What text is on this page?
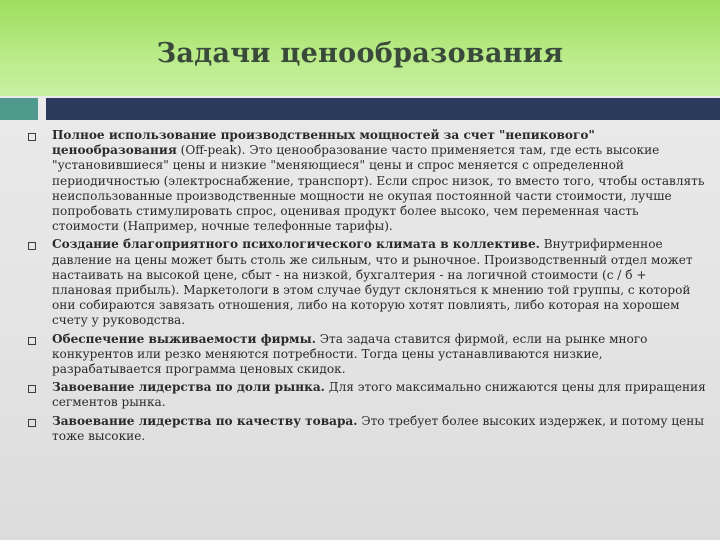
Задачи ценообразования
Полное использование производственных мощностей за счет "непикового" ценообразования (Off-peak). Это ценообразование часто применяется там, где есть высокие "установившиеся" цены и низкие "меняющиеся" цены и спрос меняется с определенной периодичностью (электроснабжение, транспорт). Если спрос низок, то вместо того, чтобы оставлять неиспользованные производственные мощности не окупая постоянной части стоимости, лучше попробовать стимулировать спрос, оценивая продукт более высоко, чем переменная часть стоимости (Например, ночные телефонные тарифы).
Создание благоприятного психологического климата в коллективе. Внутрифирменное давление на цены может быть столь же сильным, что и рыночное. Производственный отдел может настаивать на высокой цене, сбыт - на низкой, бухгалтерия - на логичной стоимости (с / б + плановая прибыль). Маркетологи в этом случае будут склоняться к мнению той группы, с которой они собираются завязать отношения, либо на которую хотят повлиять, либо которая на хорошем счету у руководства.
Обеспечение выживаемости фирмы. Эта задача ставится фирмой, если на рынке много конкурентов или резко меняются потребности. Тогда цены устанавливаются низкие, разрабатывается программа ценовых скидок.
Завоевание лидерства по доли рынка. Для этого максимально снижаются цены для приращения сегментов рынка.
Завоевание лидерства по качеству товара. Это требует более высоких издержек, и потому цены тоже высокие.
